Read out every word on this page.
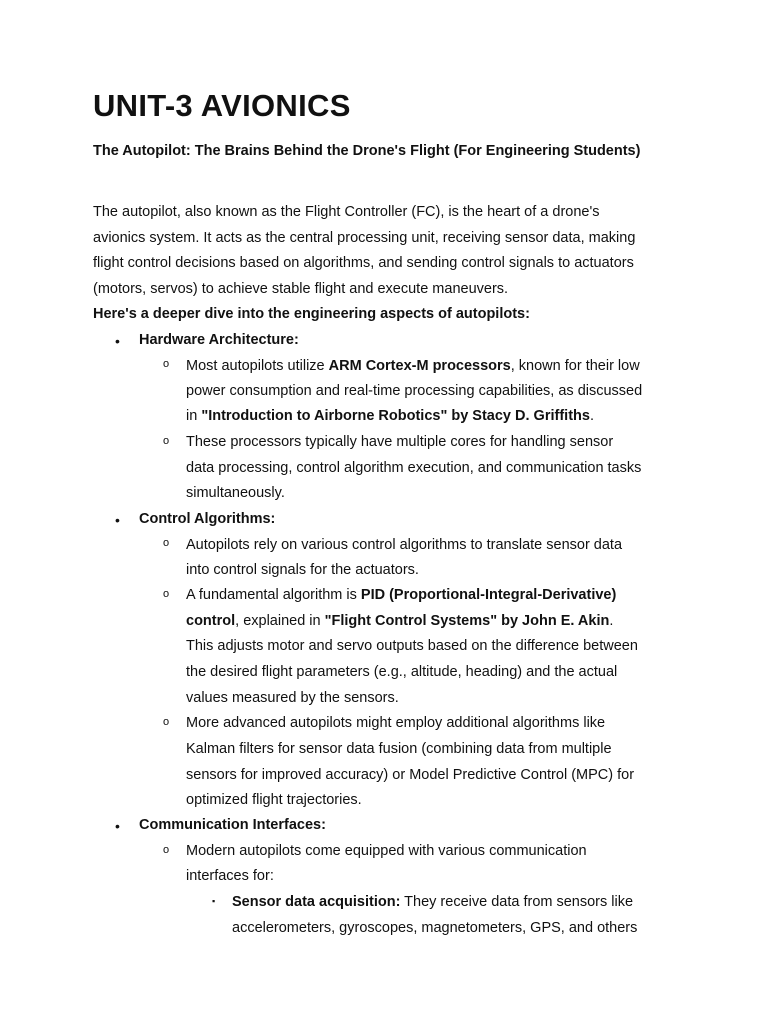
UNIT-3 AVIONICS

The Autopilot: The Brains Behind the Drone's Flight (For Engineering Students)

The autopilot, also known as the Flight Controller (FC), is the heart of a drone's
avionics system. It acts as the central processing unit, receiving sensor data, making
flight control decisions based on algorithms, and sending control signals to actuators
(motors, servos) to achieve stable flight and execute maneuvers.
Here's a deeper dive into the engineering aspects of autopilots:

• Hardware Architecture:
o Most autopilots utilize ARM Cortex-M processors, known for their low
power consumption and real-time processing capabilities, as discussed
in "Introduction to Airborne Robotics" by Stacy D. Griffiths.
o These processors typically have multiple cores for handling sensor
data processing, control algorithm execution, and communication tasks
simultaneously.
• Control Algorithms:
o Autopilots rely on various control algorithms to translate sensor data
into control signals for the actuators.
o A fundamental algorithm is PID (Proportional-Integral-Derivative)
control, explained in "Flight Control Systems" by John E. Akin.
This adjusts motor and servo outputs based on the difference between
the desired flight parameters (e.g., altitude, heading) and the actual
values measured by the sensors.
o More advanced autopilots might employ additional algorithms like
Kalman filters for sensor data fusion (combining data from multiple
sensors for improved accuracy) or Model Predictive Control (MPC) for
optimized flight trajectories.
• Communication Interfaces:
o Modern autopilots come equipped with various communication
interfaces for:
▪ Sensor data acquisition: They receive data from sensors like
accelerometers, gyroscopes, magnetometers, GPS, and others
